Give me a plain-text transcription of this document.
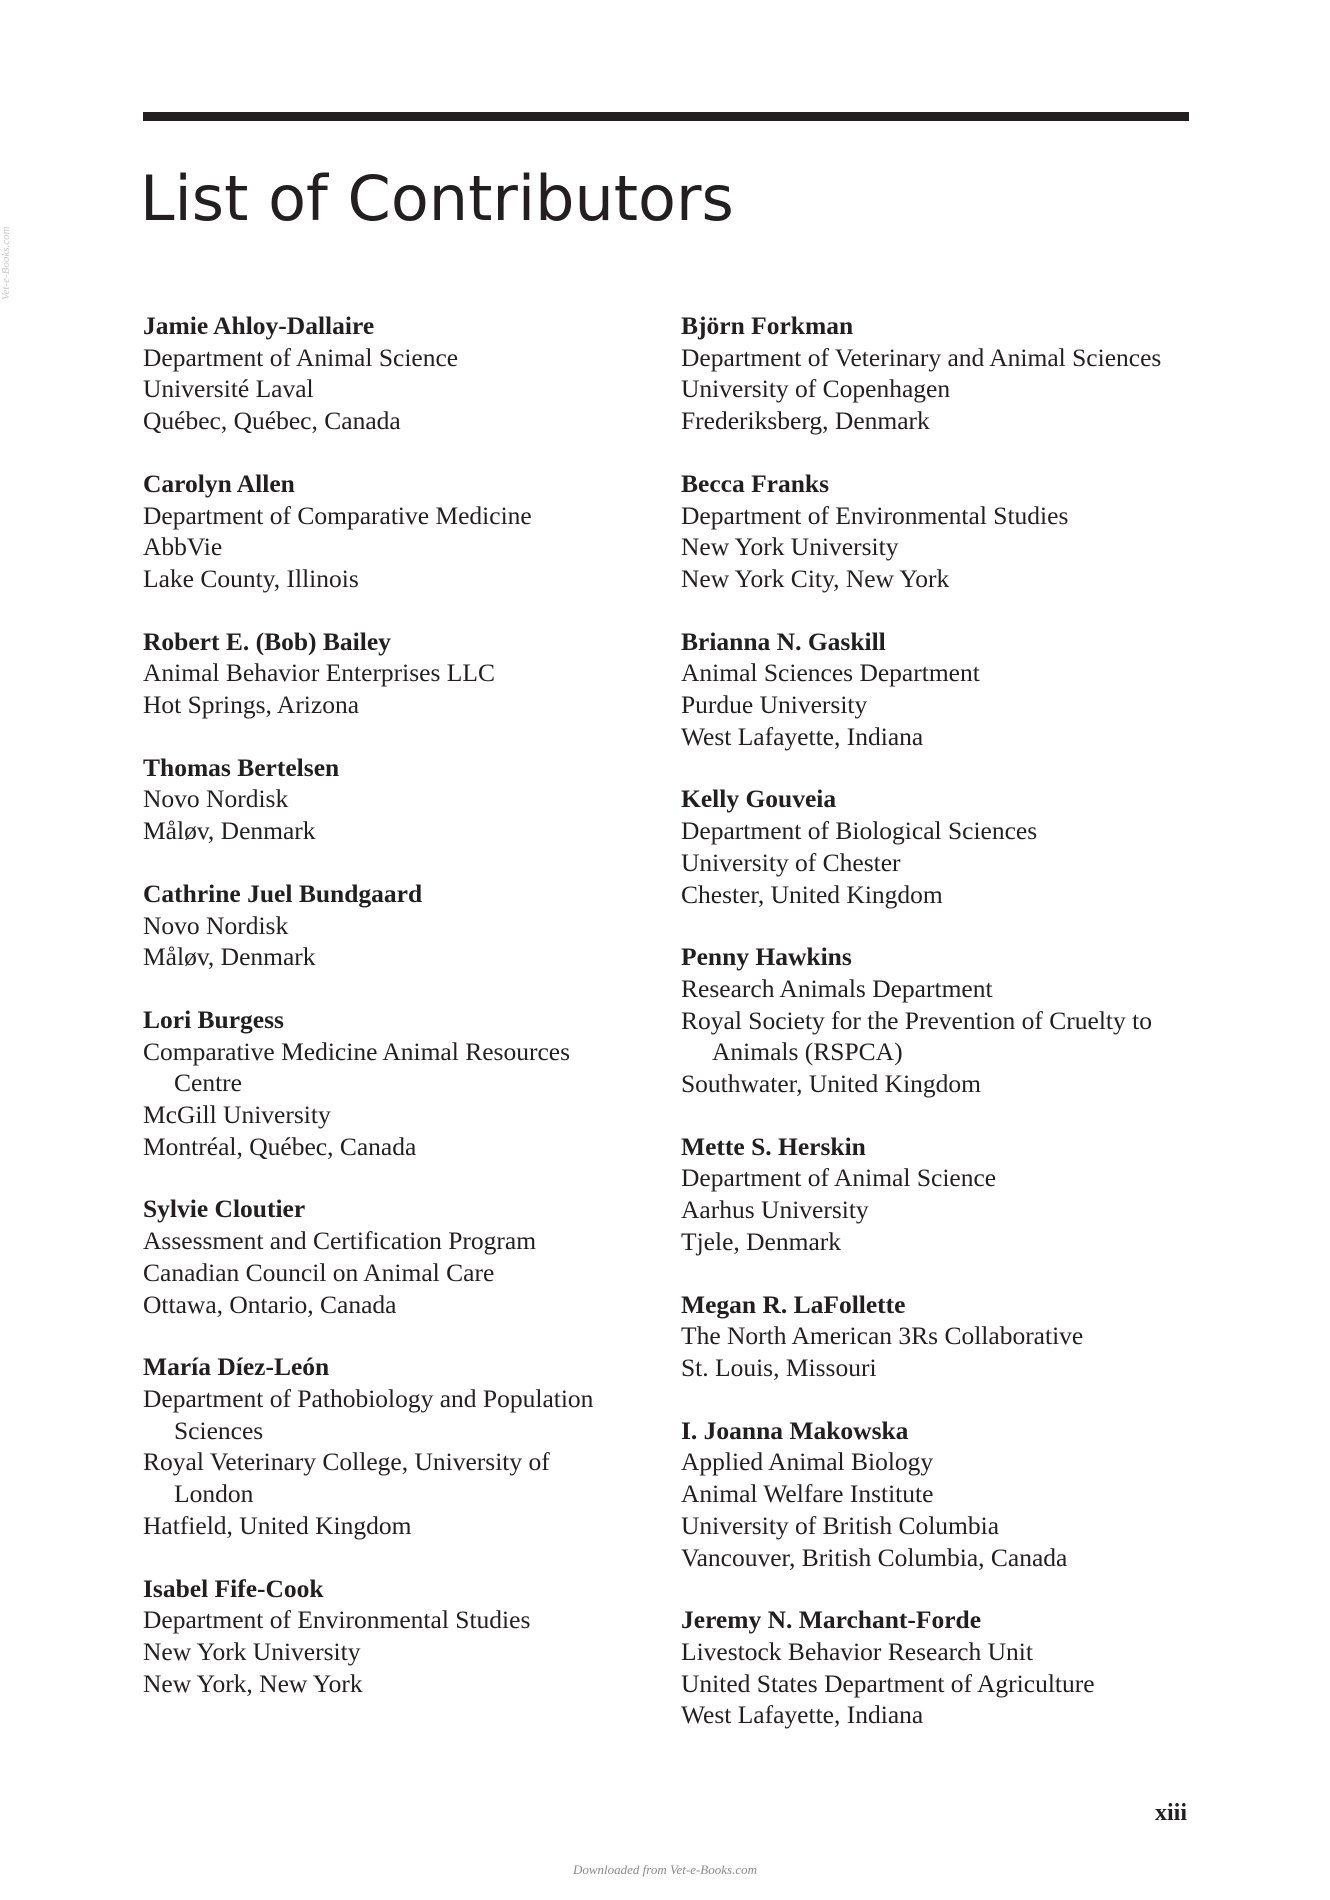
List of Contributors
Jamie Ahloy-Dallaire
Department of Animal Science
Université Laval
Québec, Québec, Canada
Carolyn Allen
Department of Comparative Medicine
AbbVie
Lake County, Illinois
Robert E. (Bob) Bailey
Animal Behavior Enterprises LLC
Hot Springs, Arizona
Thomas Bertelsen
Novo Nordisk
Måløv, Denmark
Cathrine Juel Bundgaard
Novo Nordisk
Måløv, Denmark
Lori Burgess
Comparative Medicine Animal Resources
Centre
McGill University
Montréal, Québec, Canada
Sylvie Cloutier
Assessment and Certification Program
Canadian Council on Animal Care
Ottawa, Ontario, Canada
María Díez-León
Department of Pathobiology and Population
Sciences
Royal Veterinary College, University of
London
Hatfield, United Kingdom
Isabel Fife-Cook
Department of Environmental Studies
New York University
New York, New York
Björn Forkman
Department of Veterinary and Animal Sciences
University of Copenhagen
Frederiksberg, Denmark
Becca Franks
Department of Environmental Studies
New York University
New York City, New York
Brianna N. Gaskill
Animal Sciences Department
Purdue University
West Lafayette, Indiana
Kelly Gouveia
Department of Biological Sciences
University of Chester
Chester, United Kingdom
Penny Hawkins
Research Animals Department
Royal Society for the Prevention of Cruelty to
Animals (RSPCA)
Southwater, United Kingdom
Mette S. Herskin
Department of Animal Science
Aarhus University
Tjele, Denmark
Megan R. LaFollette
The North American 3Rs Collaborative
St. Louis, Missouri
I. Joanna Makowska
Applied Animal Biology
Animal Welfare Institute
University of British Columbia
Vancouver, British Columbia, Canada
Jeremy N. Marchant-Forde
Livestock Behavior Research Unit
United States Department of Agriculture
West Lafayette, Indiana
xiii
Vet-e-Books.com
Downloaded from Vet-e-Books.com
